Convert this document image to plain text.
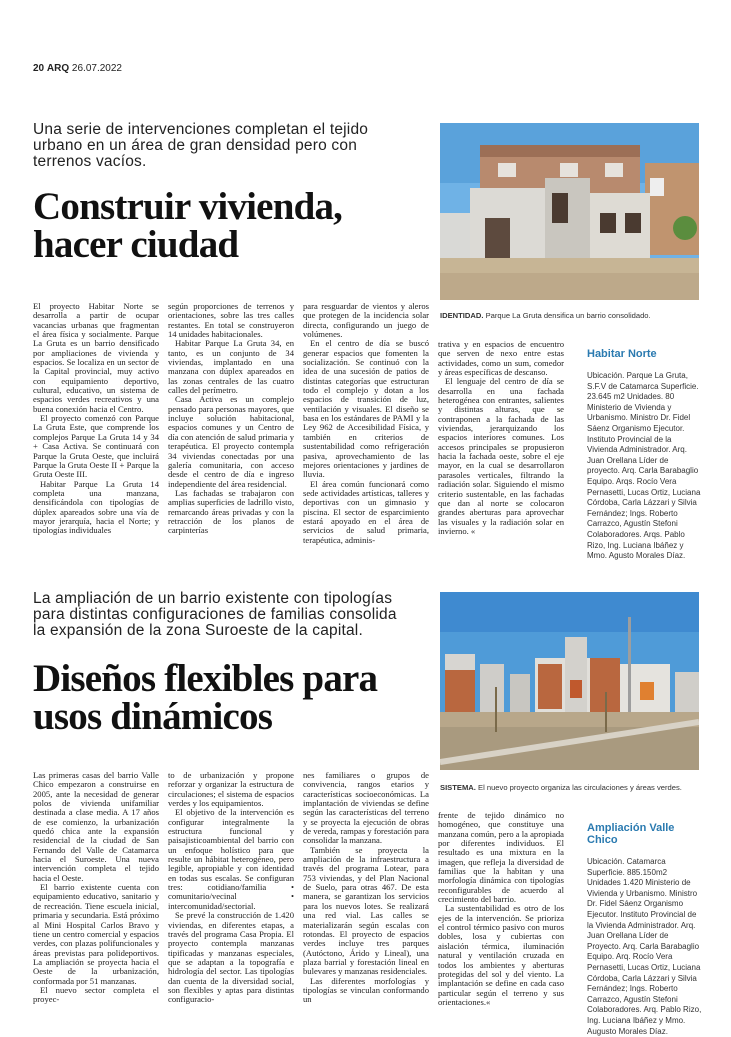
20 ARQ 26.07.2022
Una serie de intervenciones completan el tejido urbano en un área de gran densidad pero con terrenos vacíos.
Construir vivienda, hacer ciudad
IDENTIDAD. Parque La Gruta densifica un barrio consolidado.

El proyecto Habitar Norte se desarrolla a partir de ocupar vacancias urbanas que fragmentan el área física y socialmente. Parque La Gruta es un barrio densificado por ampliaciones de vivienda y espacios. Se localiza en un sector de la Capital provincial, muy activo con equipamiento deportivo, cultural, educativo, un sistema de espacios verdes recreativos y una buena conexión hacia el Centro.

El proyecto comenzó con Parque La Gruta Este, que comprende los complejos Parque La Gruta 14 y 34 + Casa Activa. Se continuará con Parque la Gruta Oeste, que incluirá Parque la Gruta Oeste II + Parque la Gruta Oeste III.

Habitar Parque La Gruta 14 completa una manzana, densificándola con tipologías de dúplex apareados sobre una vía de mayor jerarquía, hacia el Norte; y tipologías individuales

según proporciones de terrenos y orientaciones, sobre las tres calles restantes. En total se construyeron 14 unidades habitacionales.

Habitar Parque La Gruta 34, en tanto, es un conjunto de 34 viviendas, implantado en una manzana con dúplex apareados en las zonas centrales de las cuatro calles del perímetro.

Casa Activa es un complejo pensado para personas mayores, que incluye solución habitacional, espacios comunes y un Centro de día con atención de salud primaria y terapéutica. El proyecto contempla 34 viviendas conectadas por una galería comunitaria, con acceso desde el centro de día e ingreso independiente del área residencial.

Las fachadas se trabajaron con amplias superficies de ladrillo visto, remarcando áreas privadas y con la retracción de los planos de carpinterías

para resguardar de vientos y aleros que protegen de la incidencia solar directa, configurando un juego de volúmenes.

En el centro de día se buscó generar espacios que fomenten la socialización. Se continuó con la idea de una sucesión de patios de distintas categorías que estructuran todo el complejo y dotan a los espacios de transición de luz, ventilación y visuales. El diseño se basa en los estándares de PAMI y la Ley 962 de Accesibilidad Física, y también en criterios de sustentabilidad como refrigeración pasiva, aprovechamiento de las mejores orientaciones y jardines de lluvia.

El área común funcionará como sede actividades artísticas, talleres y deportivas con un gimnasio y piscina. El sector de esparcimiento estará apoyado en el área de servicios de salud primaria, terapéutica, adminis-

trativa y en espacios de encuentro que serven de nexo entre estas actividades, como un sum, comedor y áreas específicas de descanso.

El lenguaje del centro de día se desarrolla en una fachada heterogénea con entrantes, salientes y distintas alturas, que se contraponen a la fachada de las viviendas, jerarquizando los espacios interiores comunes. Los accesos principales se propusieron hacia la fachada oeste, sobre el eje mayor, en la cual se desarrollaron parasoles verticales, filtrando la radiación solar. Siguiendo el mismo criterio sustentable, en las fachadas que dan al norte se colocaron grandes aberturas para aprovechar las visuales y la radiación solar en invierno. «

Habitar Norte
Ubicación. Parque La Gruta, S.F.V de Catamarca Superficie. 23.645 m2 Unidades. 80 Ministerio de Vivienda y Urbanismo. Ministro Dr. Fidel Sáenz Organismo Ejecutor. Instituto Provincial de la Vivienda Administrador. Arq. Juan Orellana Líder de proyecto. Arq. Carla Barabaglio Equipo. Arqs. Rocío Vera Pernasetti, Lucas Ortiz, Luciana Córdoba, Carla Lázzari y Silvia Fernández; Ings. Roberto Carrazco, Agustín Stefoni Colaboradores. Arqs. Pablo Rizo, Ing. Luciana Ibáñez y Mmo. Agusto Morales Díaz.
La ampliación de un barrio existente con tipologías para distintas configuraciones de familias consolida la expansión de la zona Suroeste de la capital.
Diseños flexibles para usos dinámicos
SISTEMA. El nuevo proyecto organiza las circulaciones y áreas verdes.

Las primeras casas del barrio Valle Chico empezaron a construirse en 2005, ante la necesidad de generar polos de vivienda unifamiliar destinada a clase media. A 17 años de ese comienzo, la urbanización quedó chica ante la expansión residencial de la ciudad de San Fernando del Valle de Catamarca hacia el Suroeste. Una nueva intervención completa el tejido hacia el Oeste.

El barrio existente cuenta con equipamiento educativo, sanitario y de recreación. Tiene escuela inicial, primaria y secundaria. Está próximo al Mini Hospital Carlos Bravo y tiene un centro comercial y espacios verdes, con plazas polifuncionales y áreas previstas para polideportivos. La ampliación se proyecta hacia el Oeste de la urbanización, conformada por 51 manzanas.

El nuevo sector completa el proyec-

to de urbanización y propone reforzar y organizar la estructura de circulaciones; el sistema de espacios verdes y los equipamientos.

El objetivo de la intervención es configurar integralmente la estructura funcional y paisajisticoambiental del barrio con un enfoque holístico para que resulte un hábitat heterogéneo, pero legible, apropiable y con identidad en todas sus escalas. Se configuran tres: cotidiano/familia • comunitario/vecinal • intercomunidad/sectorial.

Se prevé la construcción de 1.420 viviendas, en diferentes etapas, a través del programa Casa Propia. El proyecto contempla manzanas tipificadas y manzanas especiales, que se adaptan a la topografía e hidrología del sector. Las tipologías dan cuenta de la diversidad social, son flexibles y aptas para distintas configuracio-

nes familiares o grupos de convivencia, rangos etarios y características socioeconómicas. La implantación de viviendas se define según las características del terreno y se proyecta la ejecución de obras de vereda, rampas y forestación para consolidar la manzana.

También se proyecta la ampliación de la infraestructura a través del programa Lotear, para 753 viviendas, y del Plan Nacional de Suelo, para otras 467. De esta manera, se garantizan los servicios para los nuevos lotes. Se realizará una red vial. Las calles se materializarán según escalas con rotondas. El proyecto de espacios verdes incluye tres parques (Autóctono, Árido y Lineal), una plaza barrial y forestación lineal en bulevares y manzanas residenciales.

Las diferentes morfologías y tipologías se vinculan conformando un

frente de tejido dinámico no homogéneo, que constituye una manzana común, pero a la apropiada por diferentes individuos. El resultado es una mixtura en la imagen, que refleja la diversidad de familias que la habitan y una morfología dinámica con tipologías reconfigurables de acuerdo al crecimiento del barrio.

La sustentabilidad es otro de los ejes de la intervención. Se prioriza el control térmico pasivo con muros dobles, losa y cubiertas con aislación térmica, iluminación natural y ventilación cruzada en todos los ambientes y aberturas protegidas del sol y del viento. La implantación se define en cada caso particular según el terreno y sus orientaciones.«

Ampliación Valle Chico
Ubicación. Catamarca Superficie. 885.150m2 Unidades 1.420 Ministerio de Vivienda y Urbanismo. Ministro Dr. Fidel Sáenz Organismo Ejecutor. Instituto Provincial de la Vivienda Administrador. Arq. Juan Orellana Líder de Proyecto. Arq. Carla Barabaglio Equipo. Arq. Rocío Vera Pernasetti, Lucas Ortiz, Luciana Córdoba, Carla Lázzari y Silvia Fernández; Ings. Roberto Carrazco, Agustín Stefoni Colaboradores. Arq. Pablo Rizo, Ing. Luciana Ibáñez y Mmo. Augusto Morales Díaz.
